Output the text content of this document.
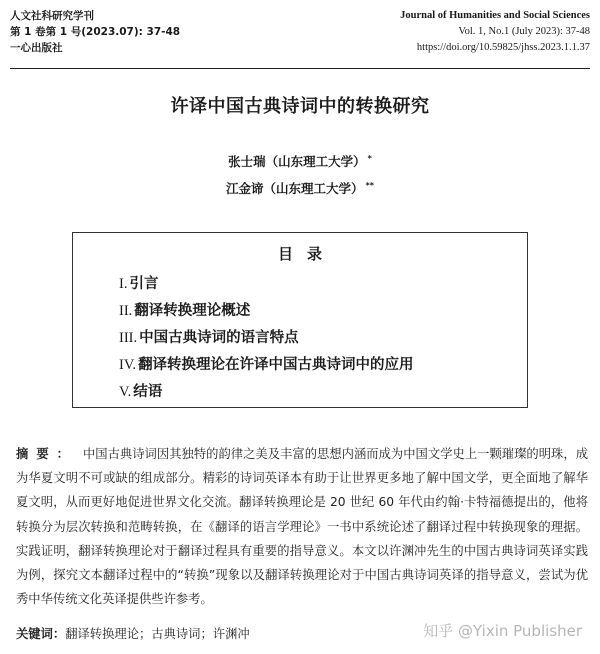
人文社科研究学刊
第 1 卷第 1 号(2023.07): 37-48
一心出版社
Journal of Humanities and Social Sciences
Vol. 1, No.1 (July 2023): 37-48
https://doi.org/10.59825/jhss.2023.1.1.37
许译中国古典诗词中的转换研究
张士瑞（山东理工大学） *
江金谛（山东理工大学） **
目录
I. 引言
II. 翻译转换理论概述
III. 中国古典诗词的语言特点
IV. 翻译转换理论在许译中国古典诗词中的应用
V. 结语
摘要： 中国古典诗词因其独特的韵律之美及丰富的思想内涵而成为中国文学史上一颗璀璨的明珠，成为华夏文明不可或缺的组成部分。精彩的诗词英译本有助于让世界更多地了解中国文学，更全面地了解华夏文明，从而更好地促进世界文化交流。翻译转换理论是 20 世纪 60 年代由约翰·卡特福德提出的，他将转换分为层次转换和范畴转换，在《翻译的语言学理论》一书中系统论述了翻译过程中转换现象的理据。实践证明，翻译转换理论对于翻译过程具有重要的指导意义。本文以许渊冲先生的中国古典诗词英译实践为例，探究文本翻译过程中的“转换”现象以及翻译转换理论对于中国古典诗词英译的指导意义，尝试为优秀中华传统文化英译提供些许参考。
关键词：翻译转换理论；古典诗词；许渊冲	知乎 @Yixin Publisher
